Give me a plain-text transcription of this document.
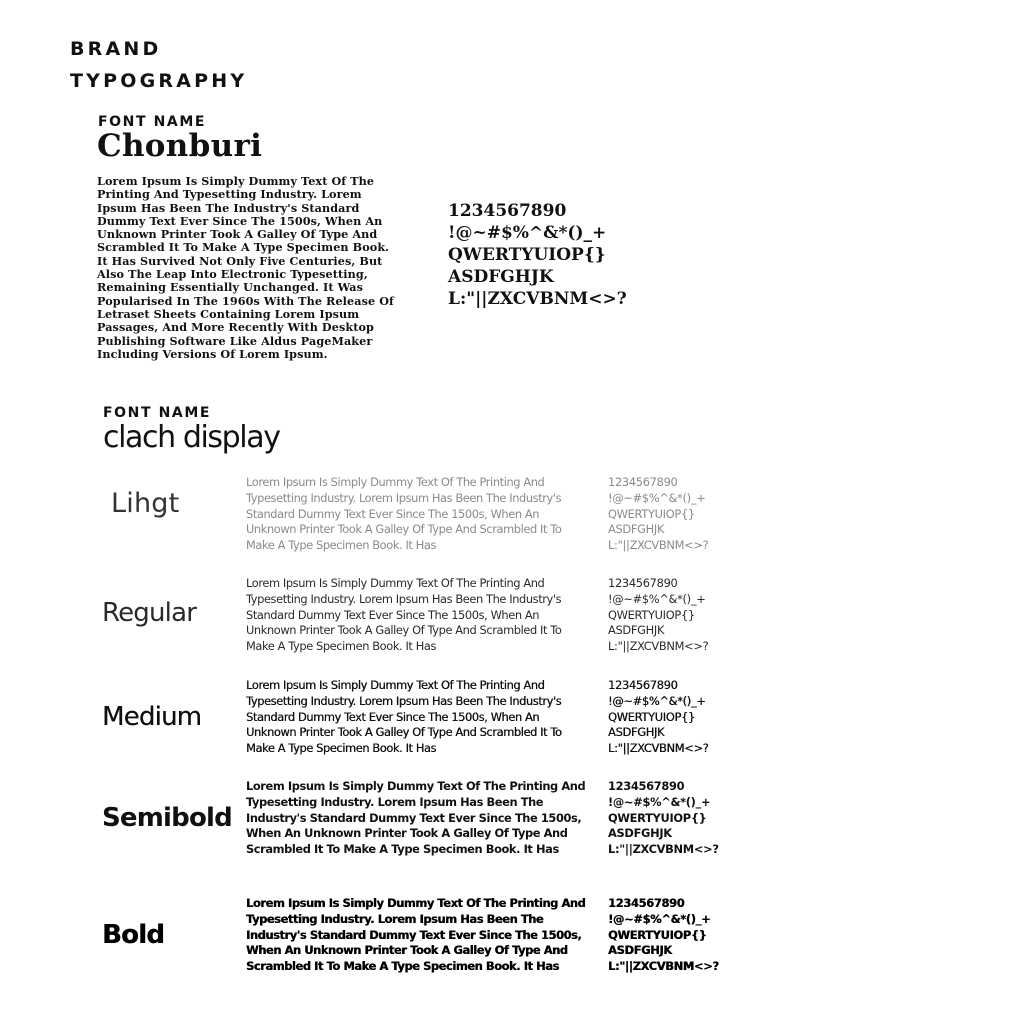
BRAND
TYPOGRAPHY
FONT NAME
Chonburi
Lorem Ipsum Is Simply Dummy Text Of The Printing And Typesetting Industry. Lorem Ipsum Has Been The Industry's Standard Dummy Text Ever Since The 1500s, When An Unknown Printer Took A Galley Of Type And Scrambled It To Make A Type Specimen Book. It Has Survived Not Only Five Centuries, But Also The Leap Into Electronic Typesetting, Remaining Essentially Unchanged. It Was Popularised In The 1960s With The Release Of Letraset Sheets Containing Lorem Ipsum Passages, And More Recently With Desktop Publishing Software Like Aldus PageMaker Including Versions Of Lorem Ipsum.
1234567890
!@~#$%^&*()_+
QWERTYUIOP{}
ASDFGHJK
L:"||ZXCVBNM<>?
FONT NAME
clach display
Lihgt
Lorem Ipsum Is Simply Dummy Text Of The Printing And Typesetting Industry. Lorem Ipsum Has Been The Industry's Standard Dummy Text Ever Since The 1500s, When An Unknown Printer Took A Galley Of Type And Scrambled It To Make A Type Specimen Book. It Has
1234567890
!@~#$%^&*()_+
QWERTYUIOP{}
ASDFGHJK
L:"||ZXCVBNM<>?
Regular
Lorem Ipsum Is Simply Dummy Text Of The Printing And Typesetting Industry. Lorem Ipsum Has Been The Industry's Standard Dummy Text Ever Since The 1500s, When An Unknown Printer Took A Galley Of Type And Scrambled It To Make A Type Specimen Book. It Has
1234567890
!@~#$%^&*()_+
QWERTYUIOP{}
ASDFGHJK
L:"||ZXCVBNM<>?
Medium
Lorem Ipsum Is Simply Dummy Text Of The Printing And Typesetting Industry. Lorem Ipsum Has Been The Industry's Standard Dummy Text Ever Since The 1500s, When An Unknown Printer Took A Galley Of Type And Scrambled It To Make A Type Specimen Book. It Has
1234567890
!@~#$%^&*()_+
QWERTYUIOP{}
ASDFGHJK
L:"||ZXCVBNM<>?
Semibold
Lorem Ipsum Is Simply Dummy Text Of The Printing And Typesetting Industry. Lorem Ipsum Has Been The Industry's Standard Dummy Text Ever Since The 1500s, When An Unknown Printer Took A Galley Of Type And Scrambled It To Make A Type Specimen Book. It Has
1234567890
!@~#$%^&*()_+
QWERTYUIOP{}
ASDFGHJK
L:"||ZXCVBNM<>?
Bold
Lorem Ipsum Is Simply Dummy Text Of The Printing And Typesetting Industry. Lorem Ipsum Has Been The Industry's Standard Dummy Text Ever Since The 1500s, When An Unknown Printer Took A Galley Of Type And Scrambled It To Make A Type Specimen Book. It Has
1234567890
!@~#$%^&*()_+
QWERTYUIOP{}
ASDFGHJK
L:"||ZXCVBNM<>?
